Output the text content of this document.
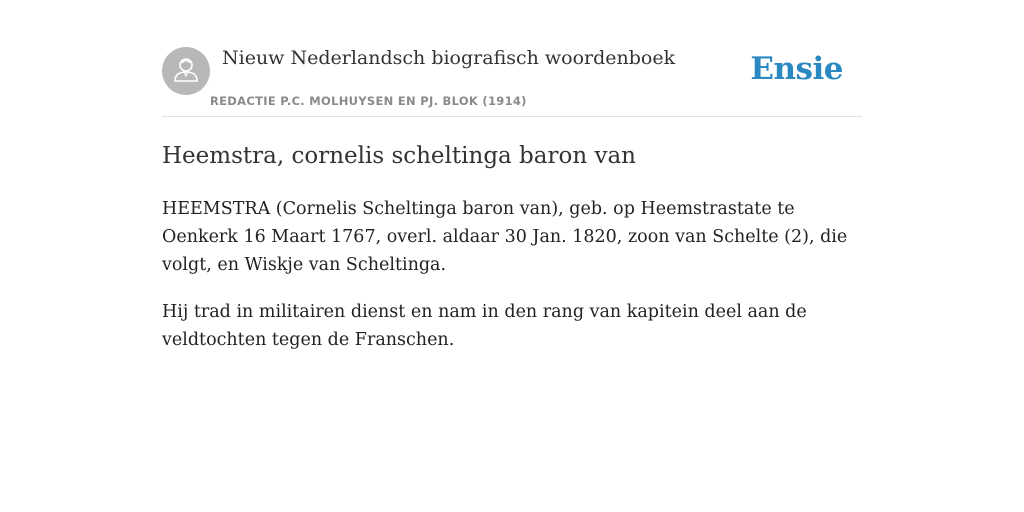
Nieuw Nederlandsch biografisch woordenboek
REDACTIE P.C. MOLHUYSEN EN PJ. BLOK (1914)
Ensie
Heemstra, cornelis scheltinga baron van

HEEMSTRA (Cornelis Scheltinga baron van), geb. op Heemstrastate te Oenkerk 16 Maart 1767, overl. aldaar 30 Jan. 1820, zoon van Schelte (2), die volgt, en Wiskje van Scheltinga.

Hij trad in militairen dienst en nam in den rang van kapitein deel aan de veldtochten tegen de Franschen.
